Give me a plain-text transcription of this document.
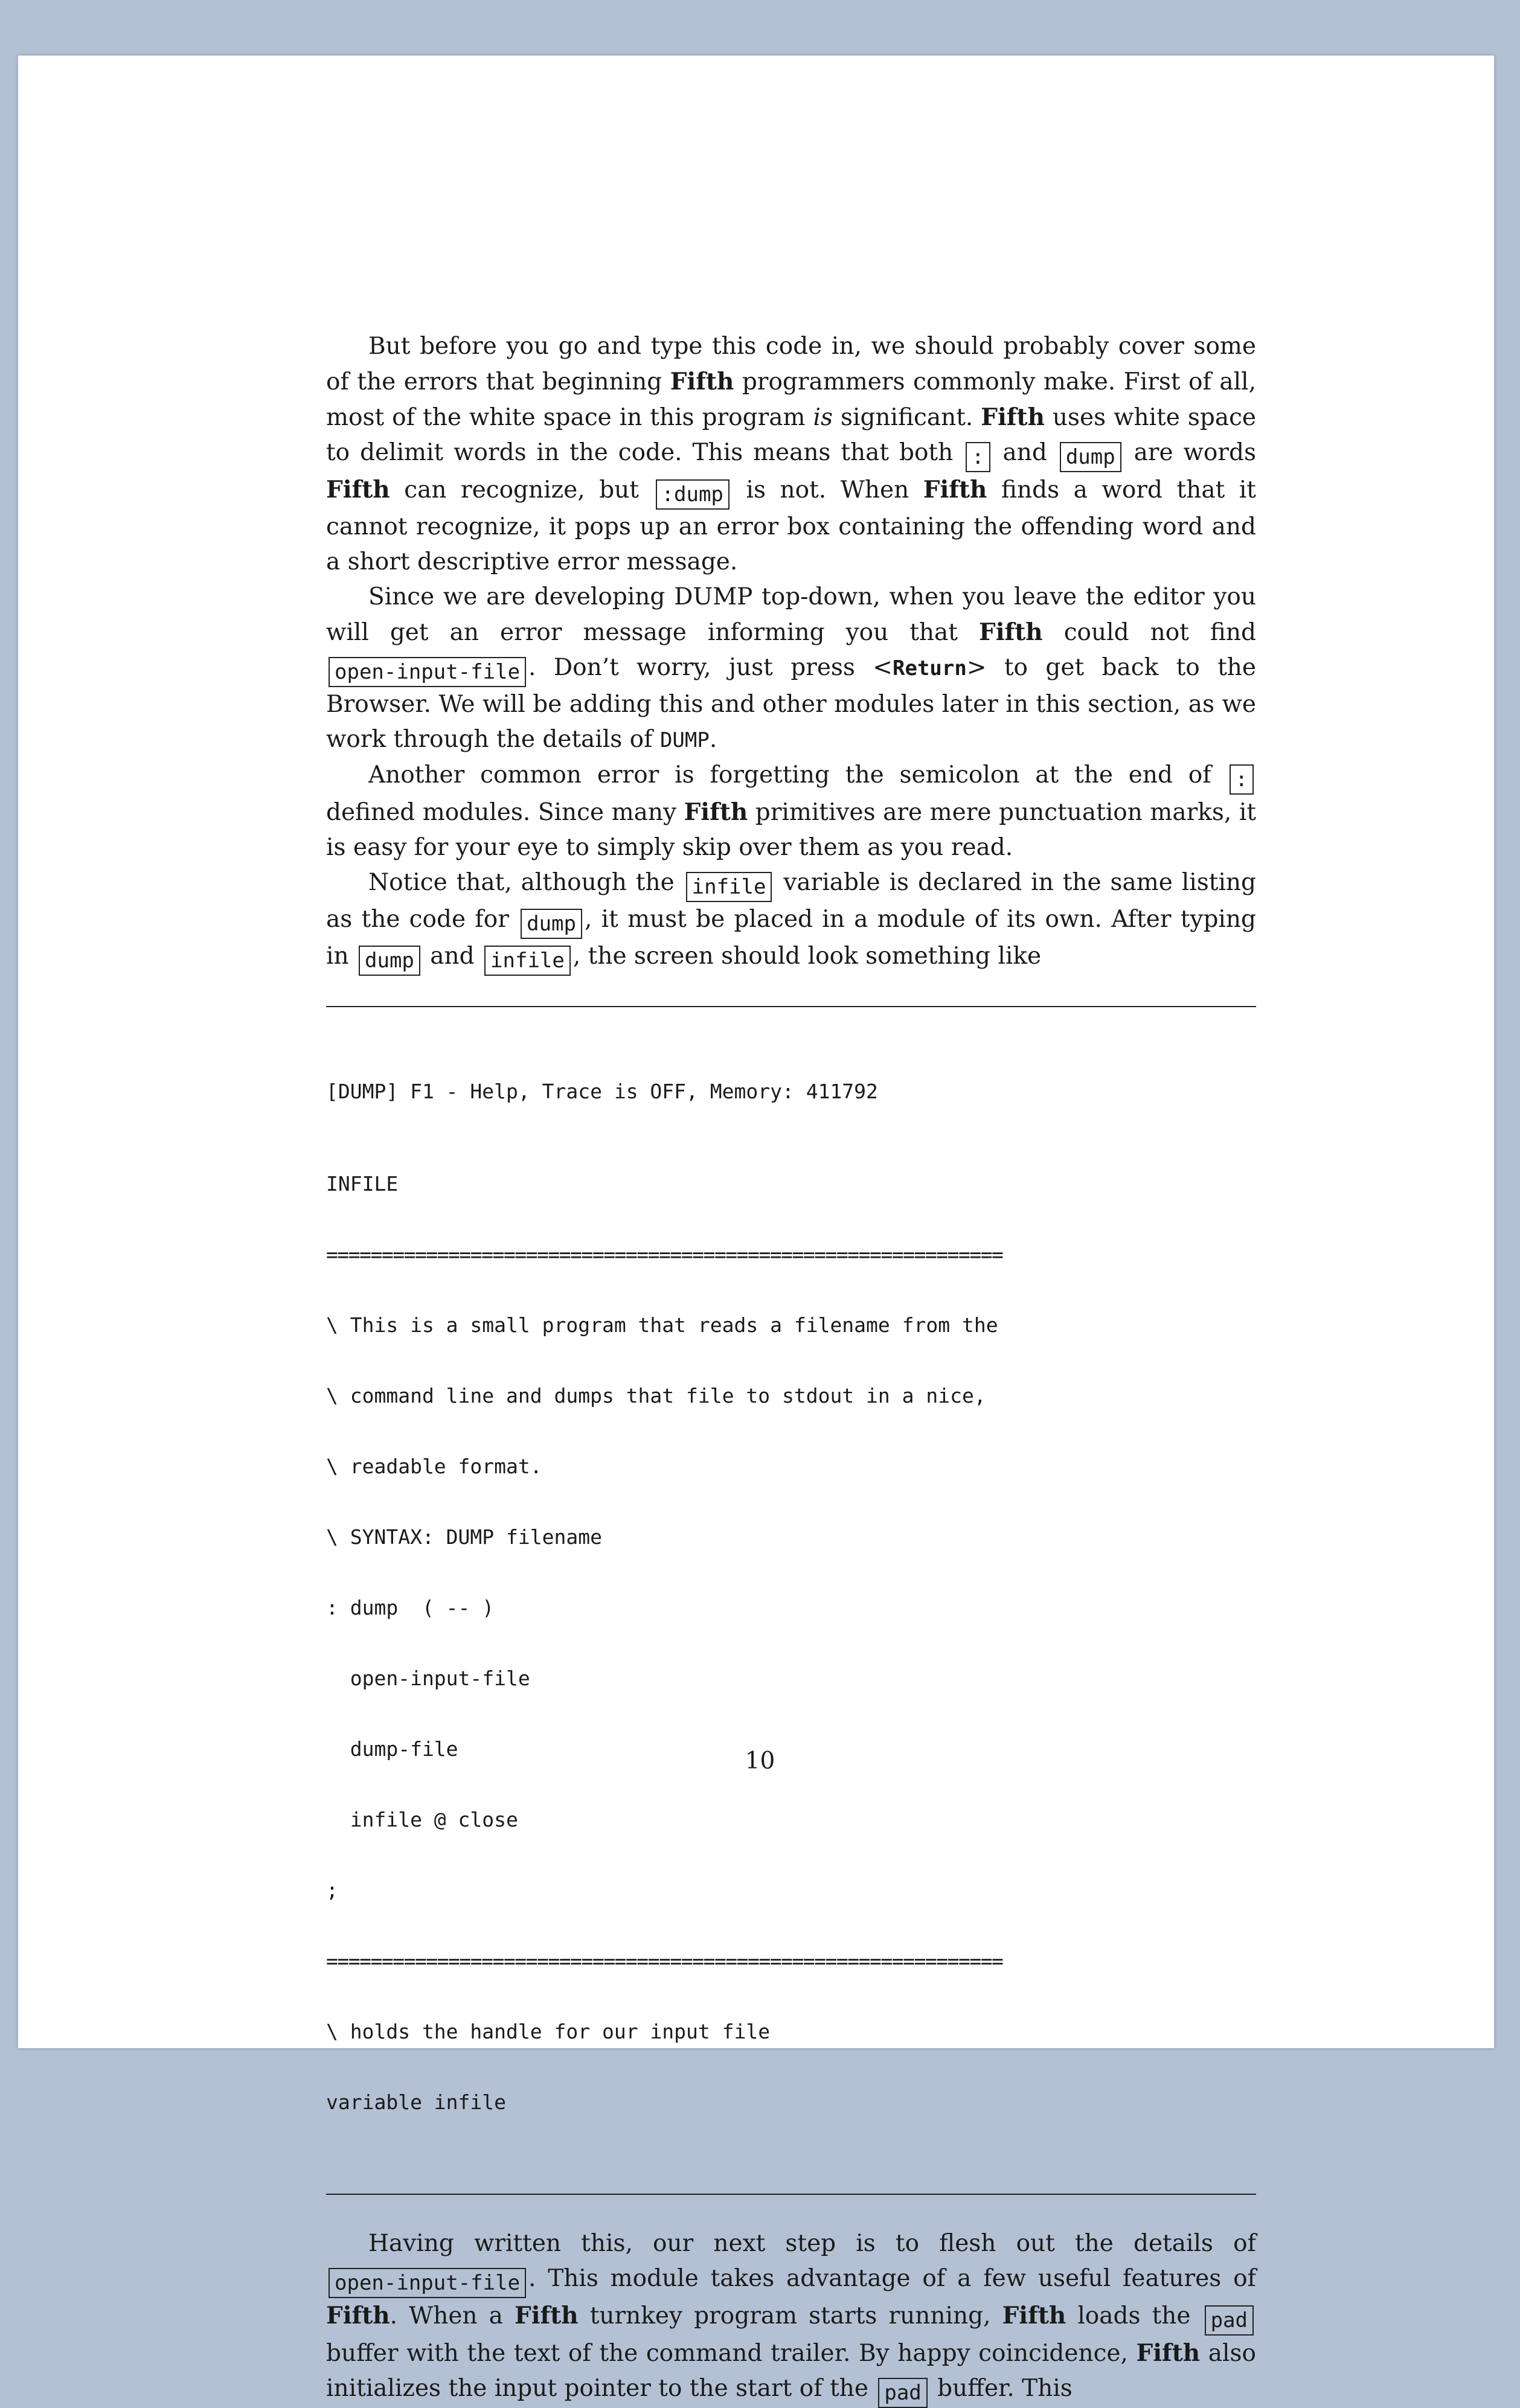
But before you go and type this code in, we should probably cover some of the errors that beginning Fifth programmers commonly make. First of all, most of the white space in this program is significant. Fifth uses white space to delimit words in the code. This means that both : and dump are words Fifth can recognize, but :dump is not. When Fifth finds a word that it cannot recognize, it pops up an error box containing the offending word and a short descriptive error message.

Since we are developing DUMP top-down, when you leave the editor you will get an error message informing you that Fifth could not find open-input-file . Don’t worry, just press <Return> to get back to the Browser. We will be adding this and other modules later in this section, as we work through the details of DUMP.

Another common error is forgetting the semicolon at the end of : defined modules. Since many Fifth primitives are mere punctuation marks, it is easy for your eye to simply skip over them as you read.

Notice that, although the infile variable is declared in the same listing as the code for dump , it must be placed in a module of its own. After typing in dump and infile , the screen should look something like

[DUMP] F1 - Help, Trace is OFF, Memory: 411792

INFILE

=============================================================

\ This is a small program that reads a filename from the

\ command line and dumps that file to stdout in a nice,

\ readable format.

\ SYNTAX: DUMP filename

: dump  ( -- )

open-input-file

dump-file

infile @ close

;

=============================================================

\ holds the handle for our input file

variable infile

Having written this, our next step is to flesh out the details of open-input-file . This module takes advantage of a few useful features of Fifth. When a Fifth turnkey program starts running, Fifth loads the pad buffer with the text of the command trailer. By happy coincidence, Fifth also initializes the input pointer to the start of the pad buffer. This

10
